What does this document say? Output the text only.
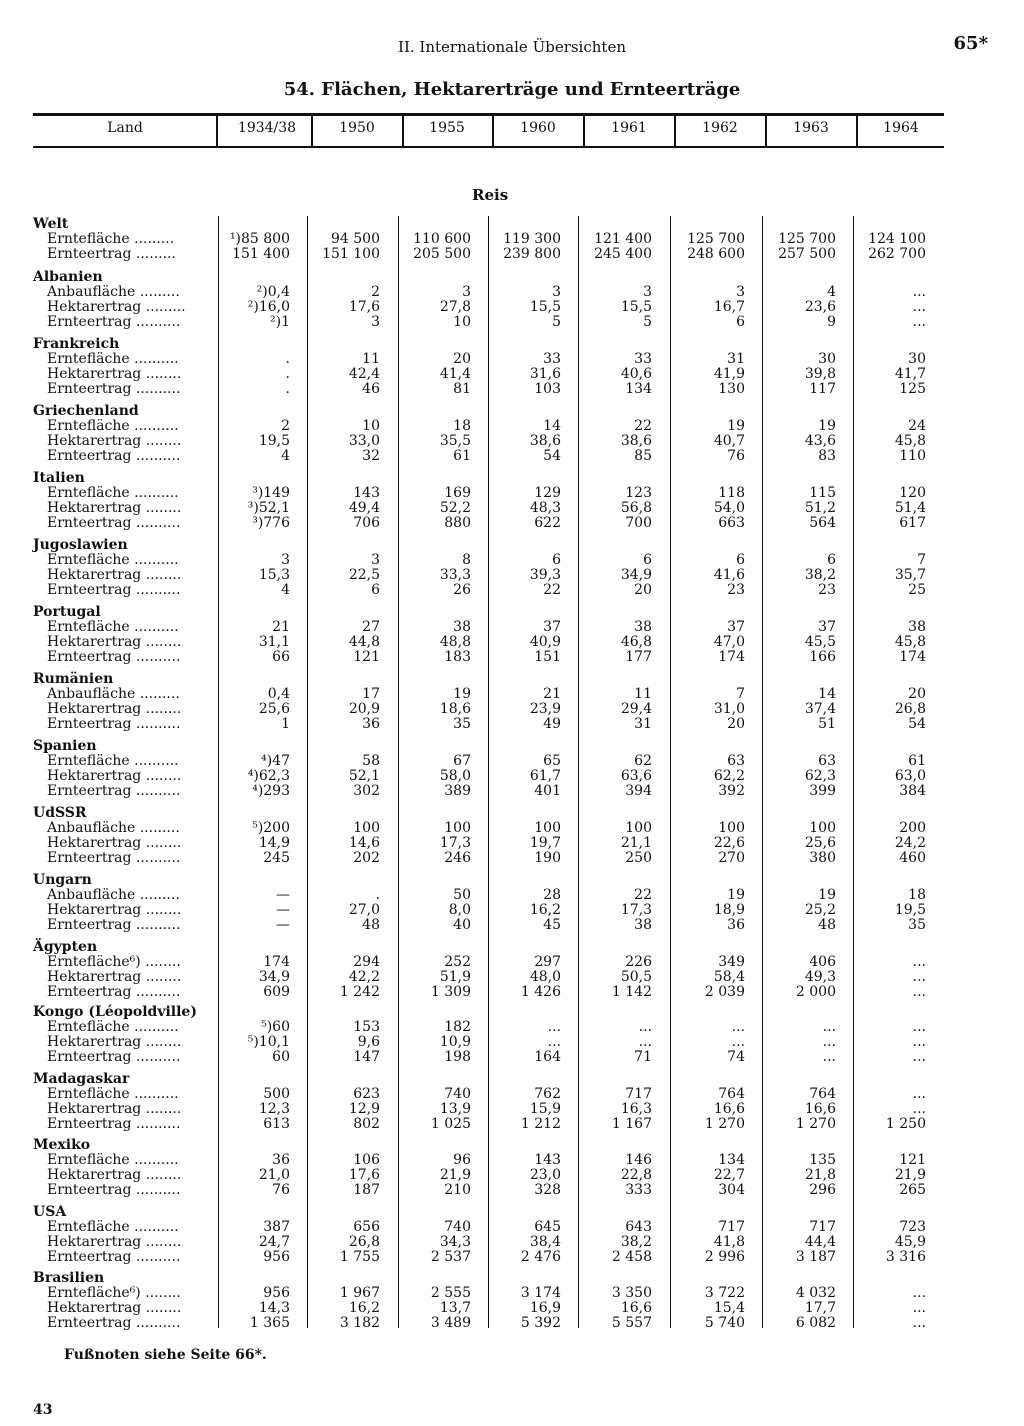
II. Internationale Übersichten	65*
54. Flächen, Hektarerträge und Ernteerträge
Land	1934/38	1950	1955	1960	1961	1962	1963	1964
Reis
Welt
Erntefläche .........	¹)85 800	94 500	110 600	119 300	121 400	125 700	125 700	124 100
Ernteertrag .........	151 400	151 100	205 500	239 800	245 400	248 600	257 500	262 700
Albanien
Anbaufläche .........	²)0,4	2	3	3	3	3	4	...
Hektarertrag .........	²)16,0	17,6	27,8	15,5	15,5	16,7	23,6	...
Ernteertrag ..........	²)1	3	10	5	5	6	9	...
Frankreich
Erntefläche ..........	.	11	20	33	33	31	30	30
Hektarertrag ........	.	42,4	41,4	31,6	40,6	41,9	39,8	41,7
Ernteertrag ..........	.	46	81	103	134	130	117	125
Griechenland
Erntefläche ..........	2	10	18	14	22	19	19	24
Hektarertrag ........	19,5	33,0	35,5	38,6	38,6	40,7	43,6	45,8
Ernteertrag ..........	4	32	61	54	85	76	83	110
Italien
Erntefläche ..........	³)149	143	169	129	123	118	115	120
Hektarertrag ........	³)52,1	49,4	52,2	48,3	56,8	54,0	51,2	51,4
Ernteertrag ..........	³)776	706	880	622	700	663	564	617
Jugoslawien
Erntefläche ..........	3	3	8	6	6	6	6	7
Hektarertrag ........	15,3	22,5	33,3	39,3	34,9	41,6	38,2	35,7
Ernteertrag ..........	4	6	26	22	20	23	23	25
Portugal
Erntefläche ..........	21	27	38	37	38	37	37	38
Hektarertrag ........	31,1	44,8	48,8	40,9	46,8	47,0	45,5	45,8
Ernteertrag ..........	66	121	183	151	177	174	166	174
Rumänien
Anbaufläche .........	0,4	17	19	21	11	7	14	20
Hektarertrag ........	25,6	20,9	18,6	23,9	29,4	31,0	37,4	26,8
Ernteertrag ..........	1	36	35	49	31	20	51	54
Spanien
Erntefläche ..........	⁴)47	58	67	65	62	63	63	61
Hektarertrag ........	⁴)62,3	52,1	58,0	61,7	63,6	62,2	62,3	63,0
Ernteertrag ..........	⁴)293	302	389	401	394	392	399	384
UdSSR
Anbaufläche .........	⁵)200	100	100	100	100	100	100	200
Hektarertrag ........	14,9	14,6	17,3	19,7	21,1	22,6	25,6	24,2
Ernteertrag ..........	245	202	246	190	250	270	380	460
Ungarn
Anbaufläche .........	—	.	50	28	22	19	19	18
Hektarertrag ........	—	27,0	8,0	16,2	17,3	18,9	25,2	19,5
Ernteertrag ..........	—	48	40	45	38	36	48	35
Ägypten
Erntefläche⁶) ........	174	294	252	297	226	349	406	...
Hektarertrag ........	34,9	42,2	51,9	48,0	50,5	58,4	49,3	...
Ernteertrag ..........	609	1 242	1 309	1 426	1 142	2 039	2 000	...
Kongo (Léopoldville)
Erntefläche ..........	⁵)60	153	182	...	...	...	...	...
Hektarertrag ........	⁵)10,1	9,6	10,9	...	...	...	...	...
Ernteertrag ..........	60	147	198	164	71	74	...	...
Madagaskar
Erntefläche ..........	500	623	740	762	717	764	764	...
Hektarertrag ........	12,3	12,9	13,9	15,9	16,3	16,6	16,6	...
Ernteertrag ..........	613	802	1 025	1 212	1 167	1 270	1 270	1 250
Mexiko
Erntefläche ..........	36	106	96	143	146	134	135	121
Hektarertrag ........	21,0	17,6	21,9	23,0	22,8	22,7	21,8	21,9
Ernteertrag ..........	76	187	210	328	333	304	296	265
USA
Erntefläche ..........	387	656	740	645	643	717	717	723
Hektarertrag ........	24,7	26,8	34,3	38,4	38,2	41,8	44,4	45,9
Ernteertrag ..........	956	1 755	2 537	2 476	2 458	2 996	3 187	3 316
Brasilien
Erntefläche⁶) ........	956	1 967	2 555	3 174	3 350	3 722	4 032	...
Hektarertrag ........	14,3	16,2	13,7	16,9	16,6	15,4	17,7	...
Ernteertrag ..........	1 365	3 182	3 489	5 392	5 557	5 740	6 082	...
Fußnoten siehe Seite 66*.
43
